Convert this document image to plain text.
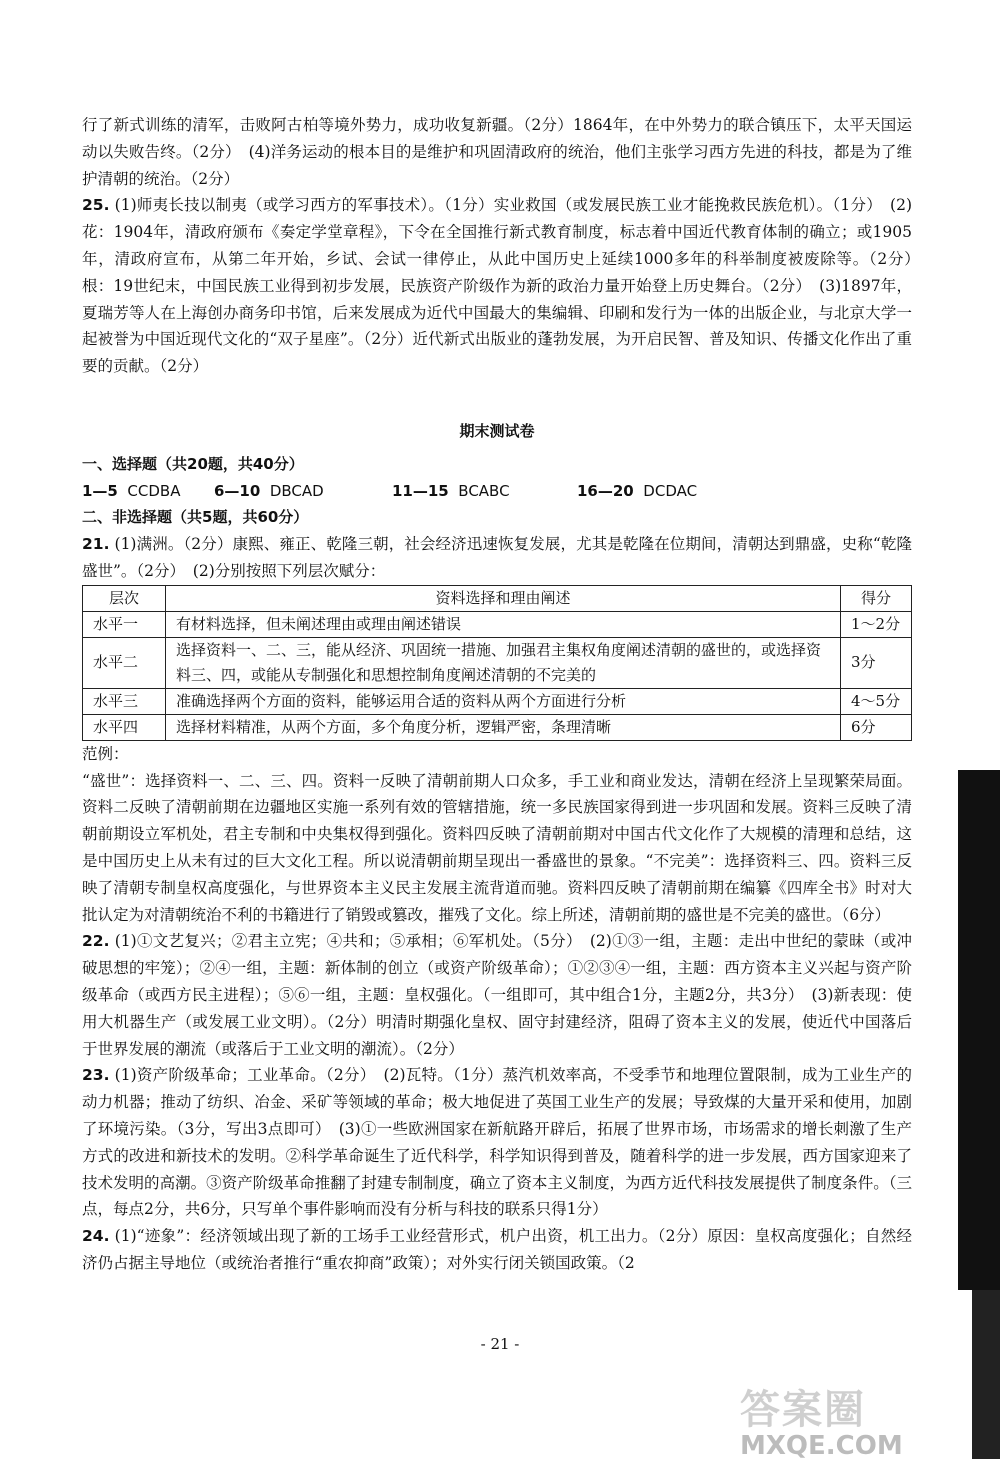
行了新式训练的清军，击败阿古柏等境外势力，成功收复新疆。（2分）1864年，在中外势力的联合镇压下，太平天国运动以失败告终。（2分）　(4)洋务运动的根本目的是维护和巩固清政府的统治，他们主张学习西方先进的科技，都是为了维护清朝的统治。（2分）

25. (1)师夷长技以制夷（或学习西方的军事技术）。（1分）实业救国（或发展民族工业才能挽救民族危机）。（1分）　(2)花：1904年，清政府颁布《奏定学堂章程》，下令在全国推行新式教育制度，标志着中国近代教育体制的确立；或1905年，清政府宣布，从第二年开始，乡试、会试一律停止，从此中国历史上延续1000多年的科举制度被废除等。（2分）　根：19世纪末，中国民族工业得到初步发展，民族资产阶级作为新的政治力量开始登上历史舞台。（2分）　(3)1897年，夏瑞芳等人在上海创办商务印书馆，后来发展成为近代中国最大的集编辑、印刷和发行为一体的出版企业，与北京大学一起被誉为中国近现代文化的“双子星座”。（2分）近代新式出版业的蓬勃发展，为开启民智、普及知识、传播文化作出了重要的贡献。（2分）

期末测试卷
一、选择题（共20题，共40分）
1—5 CCDBA	6—10 DBCAD	11—15 BCABC	16—20 DCDAC
二、非选择题（共5题，共60分）

21. (1)满洲。（2分）康熙、雍正、乾隆三朝，社会经济迅速恢复发展，尤其是乾隆在位期间，清朝达到鼎盛，史称“乾隆盛世”。（2分）　(2)分别按照下列层次赋分：

层次	资料选择和理由阐述	得分
水平一	有材料选择，但未阐述理由或理由阐述错误	1～2分
水平二	选择资料一、二、三，能从经济、巩固统一措施、加强君主集权角度阐述清朝的盛世的，或选择资料三、四，或能从专制强化和思想控制角度阐述清朝的不完美的	3分
水平三	准确选择两个方面的资料，能够运用合适的资料从两个方面进行分析	4～5分
水平四	选择材料精准，从两个方面，多个角度分析，逻辑严密，条理清晰	6分

范例：

“盛世”：选择资料一、二、三、四。资料一反映了清朝前期人口众多，手工业和商业发达，清朝在经济上呈现繁荣局面。资料二反映了清朝前期在边疆地区实施一系列有效的管辖措施，统一多民族国家得到进一步巩固和发展。资料三反映了清朝前期设立军机处，君主专制和中央集权得到强化。资料四反映了清朝前期对中国古代文化作了大规模的清理和总结，这是中国历史上从未有过的巨大文化工程。所以说清朝前期呈现出一番盛世的景象。“不完美”：选择资料三、四。资料三反映了清朝专制皇权高度强化，与世界资本主义民主发展主流背道而驰。资料四反映了清朝前期在编纂《四库全书》时对大批认定为对清朝统治不利的书籍进行了销毁或篡改，摧残了文化。综上所述，清朝前期的盛世是不完美的盛世。（6分）

22. (1)①文艺复兴；②君主立宪；④共和；⑤承相；⑥军机处。（5分）　(2)①③一组，主题：走出中世纪的蒙昧（或冲破思想的牢笼）；②④一组，主题：新体制的创立（或资产阶级革命）；①②③④一组，主题：西方资本主义兴起与资产阶级革命（或西方民主进程）；⑤⑥一组，主题：皇权强化。（一组即可，其中组合1分，主题2分，共3分）　(3)新表现：使用大机器生产（或发展工业文明）。（2分）明清时期强化皇权、固守封建经济，阻碍了资本主义的发展，使近代中国落后于世界发展的潮流（或落后于工业文明的潮流）。（2分）

23. (1)资产阶级革命；工业革命。（2分）　(2)瓦特。（1分）蒸汽机效率高，不受季节和地理位置限制，成为工业生产的动力机器；推动了纺织、冶金、采矿等领域的革命；极大地促进了英国工业生产的发展；导致煤的大量开采和使用，加剧了环境污染。（3分，写出3点即可）　(3)①一些欧洲国家在新航路开辟后，拓展了世界市场，市场需求的增长刺激了生产方式的改进和新技术的发明。②科学革命诞生了近代科学，科学知识得到普及，随着科学的进一步发展，西方国家迎来了技术发明的高潮。③资产阶级革命推翻了封建专制制度，确立了资本主义制度，为西方近代科技发展提供了制度条件。（三点，每点2分，共6分，只写单个事件影响而没有分析与科技的联系只得1分）

24. (1)“迹象”：经济领域出现了新的工场手工业经营形式，机户出资，机工出力。（2分）原因：皇权高度强化；自然经济仍占据主导地位（或统治者推行“重农抑商”政策）；对外实行闭关锁国政策。（2

- 21 -
答案圈
MXQE.COM
